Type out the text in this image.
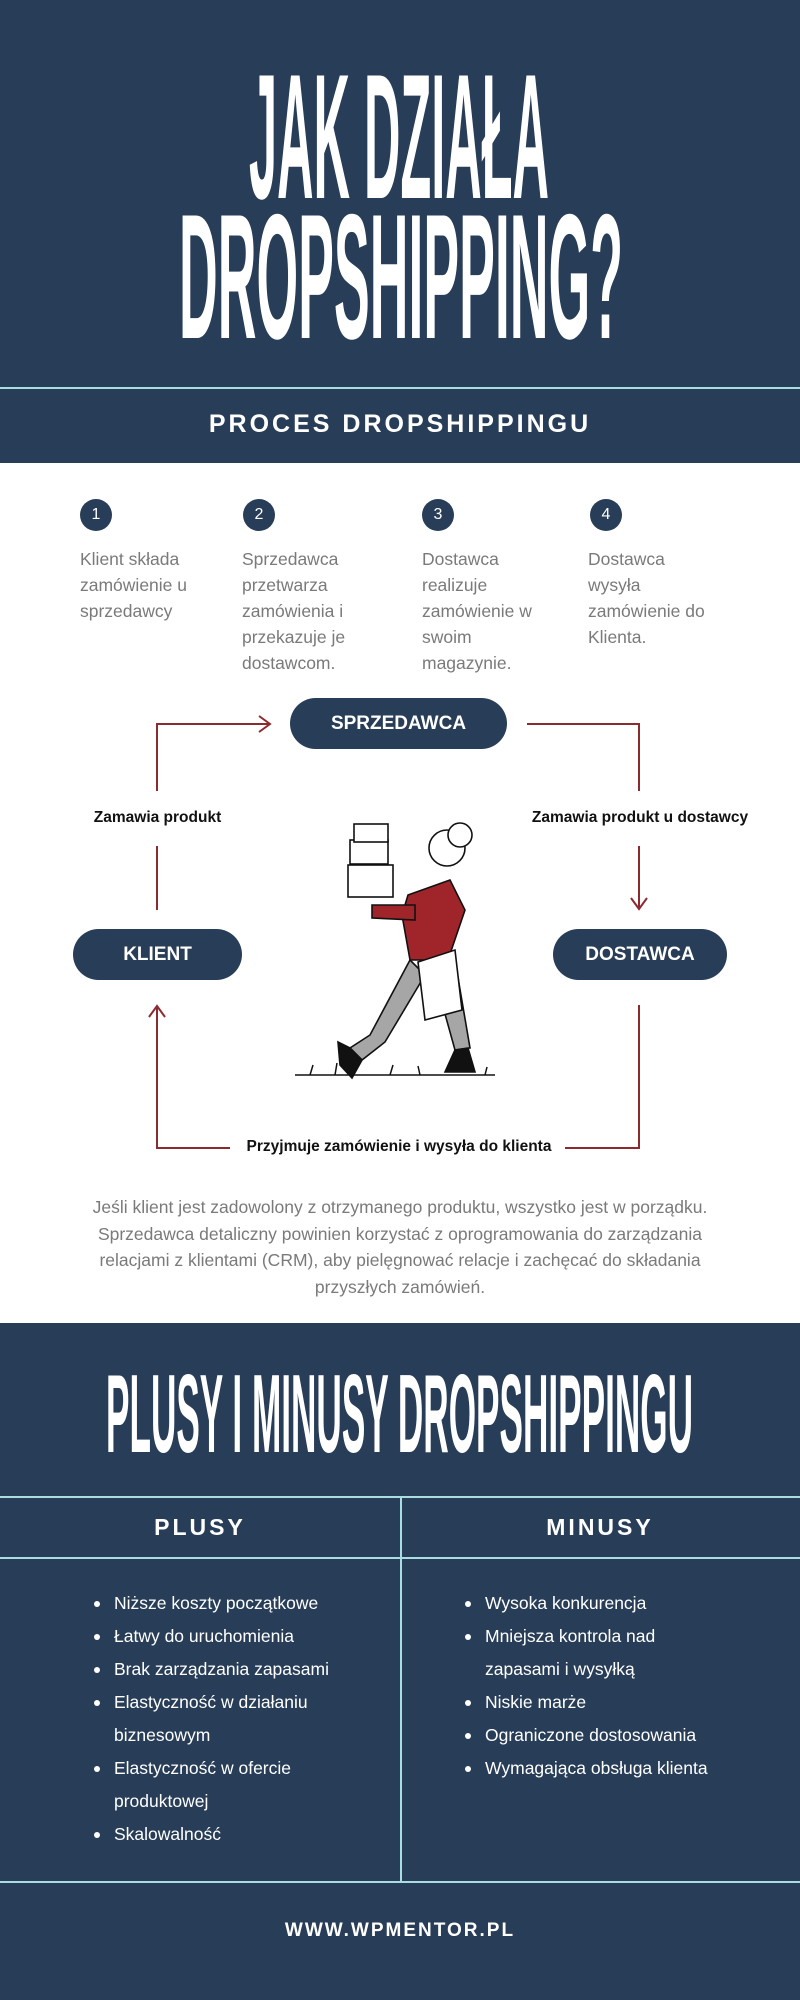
JAK DZIAŁA
DROPSHIPPING?
PROCES DROPSHIPPINGU
1	2	3	4
Klient składa zamówienie u sprzedawcy
Sprzedawca przetwarza zamówienia i przekazuje je dostawcom.
Dostawca realizuje zamówienie w swoim magazynie.
Dostawca wysyła zamówienie do Klienta.
Zamawia produkt	Zamawia produkt u dostawcy
Przyjmuje zamówienie i wysyła do klienta
SPRZEDAWCA
KLIENT	DOSTAWCA
Jeśli klient jest zadowolony z otrzymanego produktu, wszystko jest w porządku. Sprzedawca detaliczny powinien korzystać z oprogramowania do zarządzania relacjami z klientami (CRM), aby pielęgnować relacje i zachęcać do składania przyszłych zamówień.
PLUSY I MINUSY DROPSHIPPINGU
PLUSY	MINUSY
Niższe koszty początkowe
Łatwy do uruchomienia
Brak zarządzania zapasami
Elastyczność w działaniu biznesowym
Elastyczność w ofercie produktowej
Skalowalność
Wysoka konkurencja
Mniejsza kontrola nad zapasami i wysyłką
Niskie marże
Ograniczone dostosowania
Wymagająca obsługa klienta
WWW.WPMENTOR.PL
